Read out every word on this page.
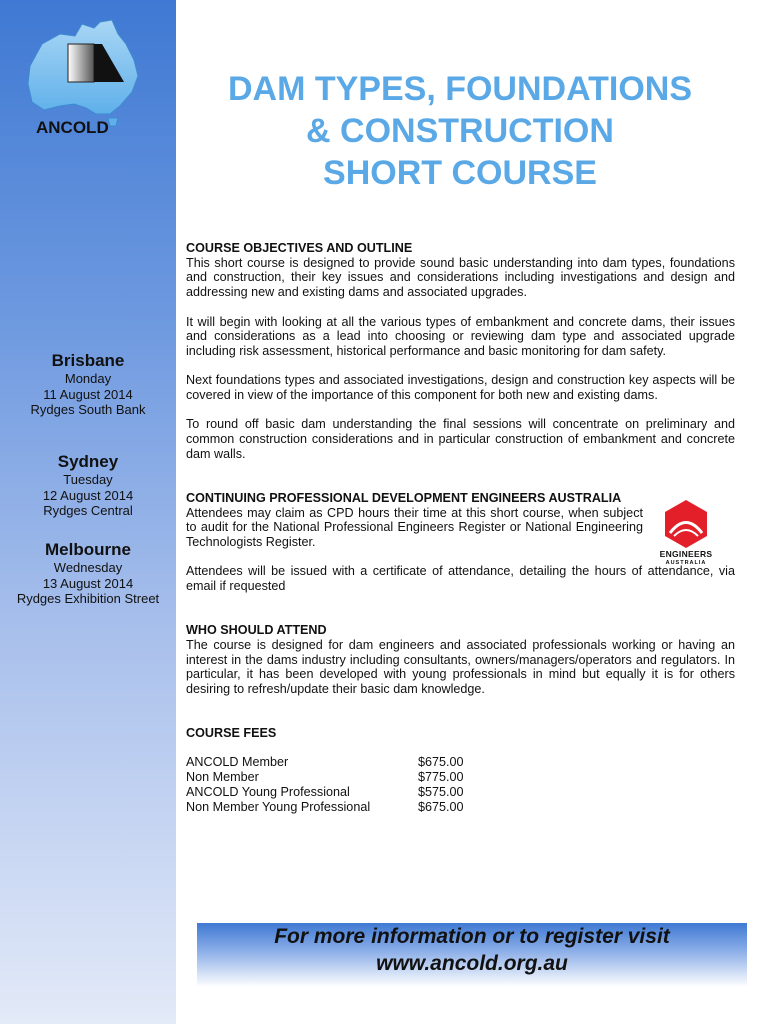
ANCOLD
Brisbane
Monday
11 August 2014
Rydges South Bank
Sydney
Tuesday
12 August 2014
Rydges Central
Melbourne
Wednesday
13 August 2014
Rydges Exhibition Street
DAM TYPES, FOUNDATIONS
& CONSTRUCTION
SHORT COURSE
COURSE OBJECTIVES AND OUTLINE

This short course is designed to provide sound basic understanding into dam types, foundations and construction, their key issues and considerations including investigations and design and addressing new and existing dams and associated upgrades.

It will begin with looking at all the various types of embankment and concrete dams, their issues and considerations as a lead into choosing or reviewing dam type and associated upgrade including risk assessment, historical performance and basic monitoring for dam safety.

Next foundations types and associated investigations, design and construction key aspects will be covered in view of the importance of this component for both new and existing dams.

To round off basic dam understanding the final sessions will concentrate on preliminary and common construction considerations and in particular construction of embankment and concrete dam walls.

CONTINUING PROFESSIONAL DEVELOPMENT ENGINEERS AUSTRALIA

Attendees may claim as CPD hours their time at this short course, when subject to audit for the National Professional Engineers Register or National Engineering Technologists Register.

ENGINEERS
AUSTRALIA

Attendees will be issued with a certificate of attendance, detailing the hours of attendance, via email if requested

WHO SHOULD ATTEND

The course is designed for dam engineers and associated professionals working or having an interest in the dams industry including consultants, owners/managers/operators and regulators. In particular, it has been developed with young professionals in mind but equally it is for others desiring to refresh/update their basic dam knowledge.

COURSE FEES
ANCOLD Member	$675.00
Non Member	$775.00
ANCOLD Young Professional	$575.00
Non Member Young Professional	$675.00
For more information or to register visit
www.ancold.org.au
